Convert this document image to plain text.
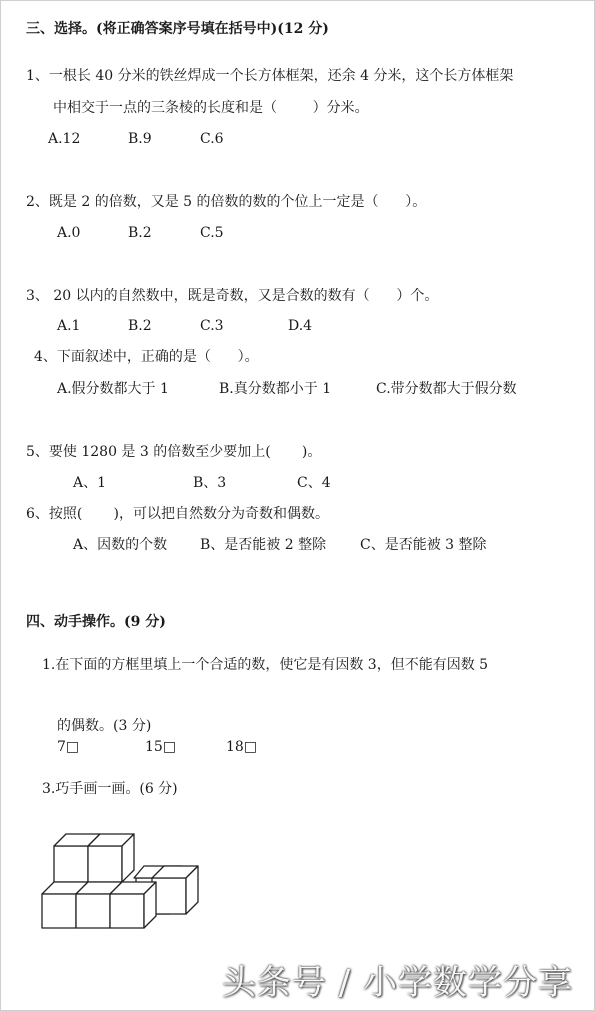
三、选择。(将正确答案序号填在括号中)(12 分)
1、一根长 40 分米的铁丝焊成一个长方体框架，还余 4 分米，这个长方体框架
中相交于一点的三条棱的长度和是（        ）分米。
A.12	B.9	C.6
2、既是 2 的倍数，又是 5 的倍数的数的个位上一定是（      ）。
A.0	B.2	C.5
3、 20 以内的自然数中，既是奇数，又是合数的数有（      ）个。
A.1	B.2	C.3	D.4
4、下面叙述中，正确的是（      ）。
A.假分数都大于 1	B.真分数都小于 1	C.带分数都大于假分数
5、要使 1280 是 3 的倍数至少要加上(       )。
A、1	B、3	C、4
6、按照(       )，可以把自然数分为奇数和偶数。
A、因数的个数 B、是否能被 2 整除 C、是否能被 3 整除
四、动手操作。(9 分)
1.在下面的方框里填上一个合适的数，使它是有因数 3，但不能有因数 5
的偶数。(3 分)
7□	15□	18□
3.巧手画一画。(6 分)
头条号 / 小学数学分享
